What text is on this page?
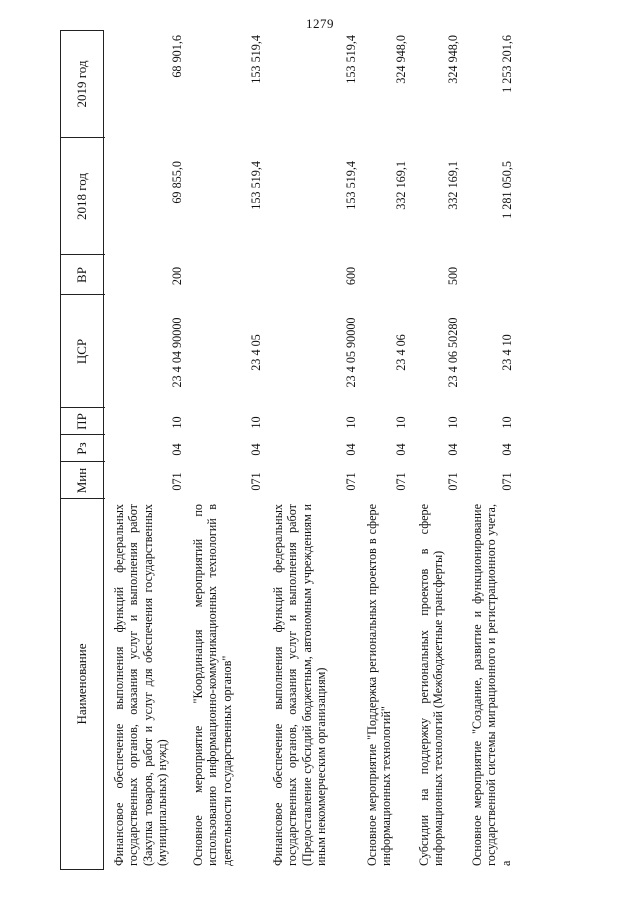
1279
Наименование
Мин
Рз
ПР
ЦСР
ВР
2018 год
2019 год
Финансовое обеспечение выполнения функций федеральных государственных органов, оказания услуг и выполнения работ (Закупка товаров, работ и услуг для обеспечения государственных (муниципальных) нужд)
071
04
10
23 4 04 90000
200
69 855,0
68 901,6
Основное мероприятие "Координация мероприятий по использованию информационно-коммуникационных технологий в деятельности государственных органов"
071
04
10
23 4 05
153 519,4
153 519,4
Финансовое обеспечение выполнения функций федеральных государственных органов, оказания услуг и выполнения работ (Предоставление субсидий бюджетным, автономным учреждениям и иным некоммерческим организациям)
071
04
10
23 4 05 90000
600
153 519,4
153 519,4
Основное мероприятие "Поддержка региональных проектов в сфере информационных технологий"
071
04
10
23 4 06
332 169,1
324 948,0
Субсидии на поддержку региональных проектов в сфере информационных технологий (Межбюджетные трансферты)
071
04
10
23 4 06 50280
500
332 169,1
324 948,0
Основное мероприятие "Создание, развитие и функционирование государственной системы миграционного и регистрационного учета, а
071
04
10
23 4 10
1 281 050,5
1 253 201,6
